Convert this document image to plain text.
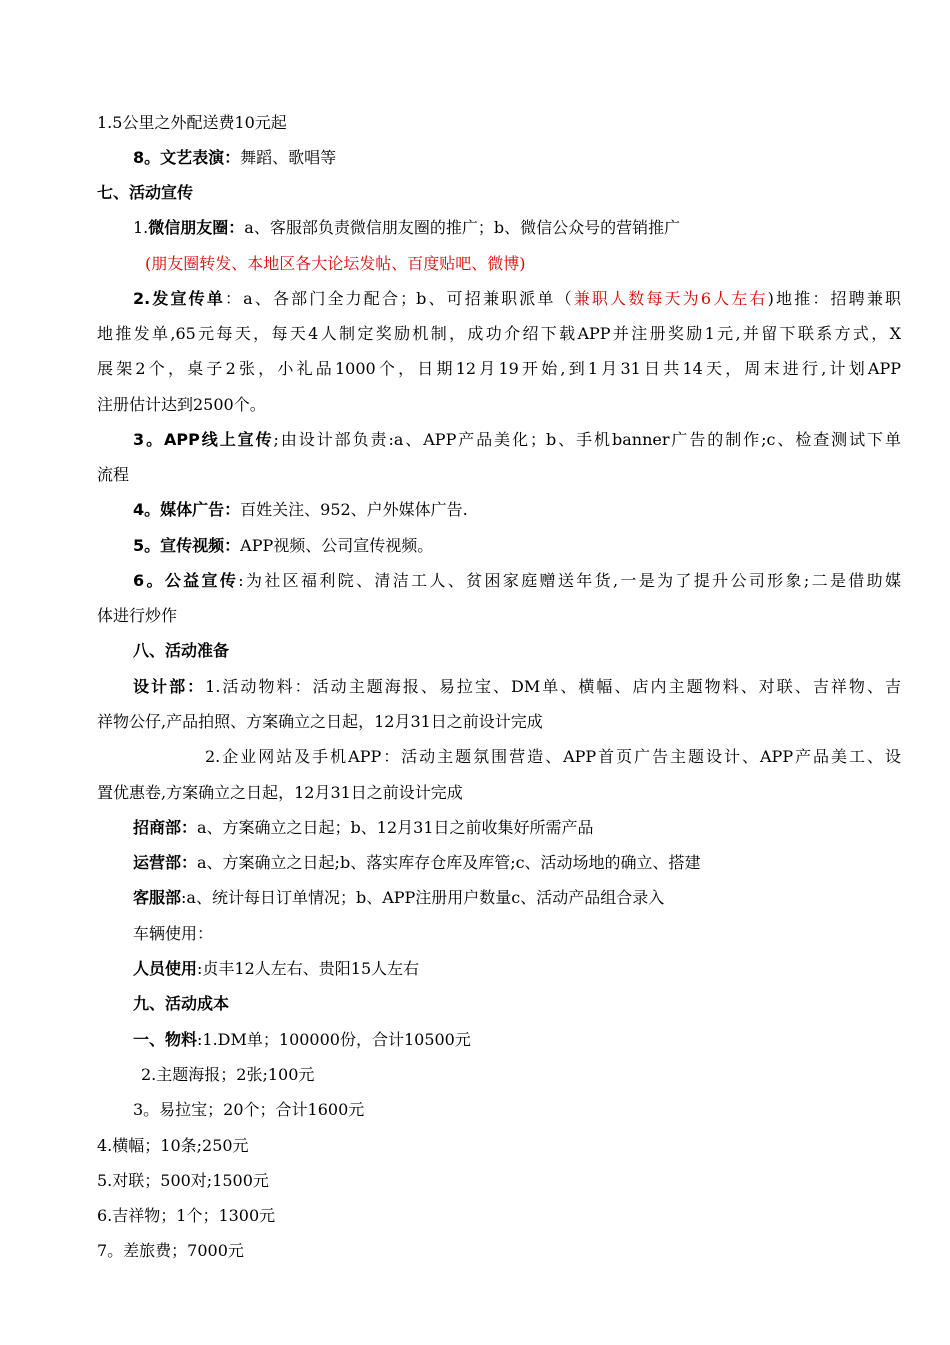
1.5公里之外配送费10元起
8。文艺表演：舞蹈、歌唱等
七、活动宣传
1.微信朋友圈：a、客服部负责微信朋友圈的推广；b、微信公众号的营销推广
(朋友圈转发、本地区各大论坛发帖、百度贴吧、微博)
2.发宣传单：a、各部门全力配合；b、可招兼职派单（兼职人数每天为6人左右)地推：招聘兼职
地推发单,65元每天，每天4人制定奖励机制，成功介绍下载APP并注册奖励1元,并留下联系方式，X
展架2个，桌子2张，小礼品1000个，日期12月19开始,到1月31日共14天，周末进行,计划APP
注册估计达到2500个。
3。APP线上宣传;由设计部负责:a、APP产品美化；b、手机banner广告的制作;c、检查测试下单
流程
4。媒体广告：百姓关注、952、户外媒体广告.
5。宣传视频：APP视频、公司宣传视频。
6。公益宣传:为社区福利院、清洁工人、贫困家庭赠送年货,一是为了提升公司形象;二是借助媒
体进行炒作
八、活动准备
设计部：1.活动物料：活动主题海报、易拉宝、DM单、横幅、店内主题物料、对联、吉祥物、吉
祥物公仔,产品拍照、方案确立之日起，12月31日之前设计完成
2.企业网站及手机APP：活动主题氛围营造、APP首页广告主题设计、APP产品美工、设
置优惠卷,方案确立之日起，12月31日之前设计完成
招商部：a、方案确立之日起；b、12月31日之前收集好所需产品
运营部：a、方案确立之日起;b、落实库存仓库及库管;c、活动场地的确立、搭建
客服部:a、统计每日订单情况；b、APP注册用户数量c、活动产品组合录入
车辆使用：
人员使用:贞丰12人左右、贵阳15人左右
九、活动成本
一、物料:1.DM单；100000份，合计10500元
2.主题海报；2张;100元
3。易拉宝；20个；合计1600元
4.横幅；10条;250元
5.对联；500对;1500元
6.吉祥物；1个；1300元
7。差旅费；7000元
